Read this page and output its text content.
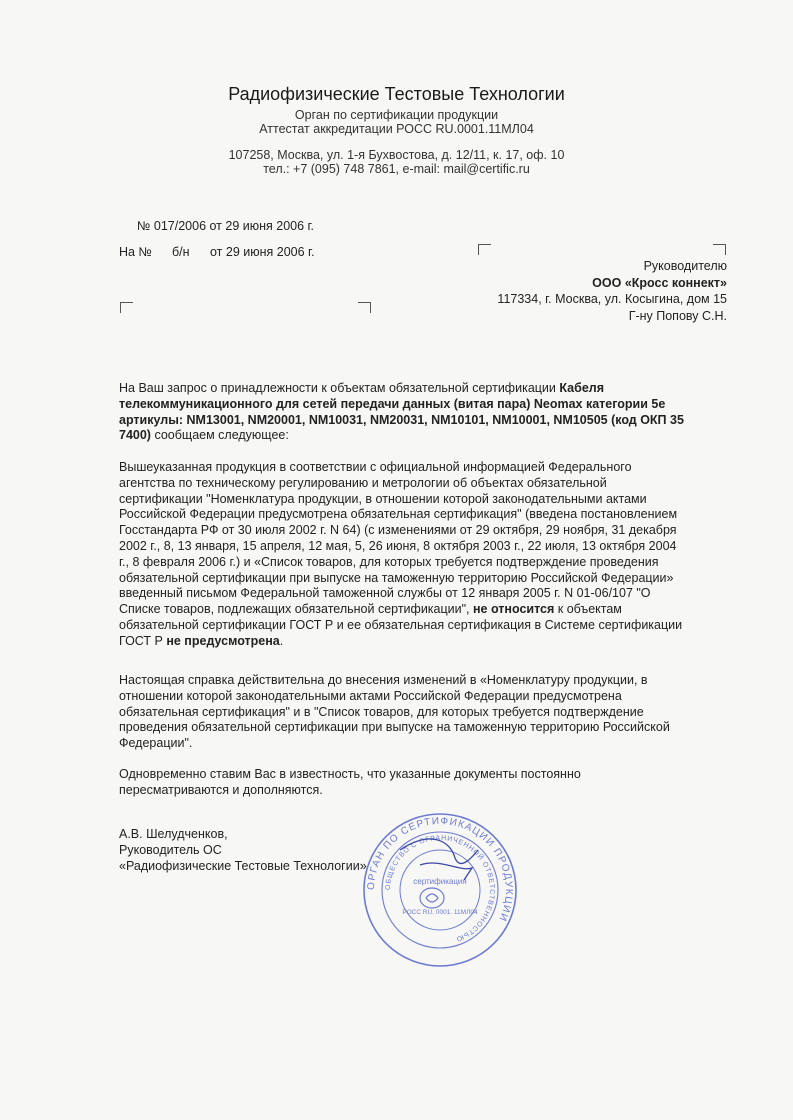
Радиофизические Тестовые Технологии
Орган по сертификации продукции
Аттестат аккредитации РОСС RU.0001.11МЛ04
107258, Москва, ул. 1-я Бухвостова, д. 12/11, к. 17, оф. 10
тел.: +7 (095) 748 7861, e-mail: mail@certific.ru
№ 017/2006 от 29 июня 2006 г.
На № б/н от 29 июня 2006 г.
Руководителю
ООО «Кросс коннект»
117334, г. Москва, ул. Косыгина, дом 15
Г-ну Попову С.Н.

На Ваш запрос о принадлежности к объектам обязательной сертификации Кабеля телекоммуникационного для сетей передачи данных (витая пара) Neomax категории 5е артикулы: NM13001, NM20001, NM10031, NM20031, NM10101, NM10001, NM10505 (код ОКП 35 7400) сообщаем следующее:

Вышеуказанная продукция в соответствии с официальной информацией Федерального агентства по техническому регулированию и метрологии об объектах обязательной сертификации "Номенклатура продукции, в отношении которой законодательными актами Российской Федерации предусмотрена обязательная сертификация" (введена постановлением Госстандарта РФ от 30 июля 2002 г. N 64) (с изменениями от 29 октября, 29 ноября, 31 декабря 2002 г., 8, 13 января, 15 апреля, 12 мая, 5, 26 июня, 8 октября 2003 г., 22 июля, 13 октября 2004 г., 8 февраля 2006 г.) и «Список товаров, для которых требуется подтверждение проведения обязательной сертификации при выпуске на таможенную территорию Российской Федерации» введенный письмом Федеральной таможенной службы от 12 января 2005 г. N 01-06/107 "О Списке товаров, подлежащих обязательной сертификации", не относится к объектам обязательной сертификации ГОСТ Р и ее обязательная сертификация в Системе сертификации ГОСТ Р не предусмотрена.

Настоящая справка действительна до внесения изменений в «Номенклатуру продукции, в отношении которой законодательными актами Российской Федерации предусмотрена обязательная сертификация" и в "Список товаров, для которых требуется подтверждение проведения обязательной сертификации при выпуске на таможенную территорию Российской Федерации".

Одновременно ставим Вас в известность, что указанные документы постоянно пересматриваются и дополняются.

А.В. Шелудченков,
Руководитель ОС
«Радиофизические Тестовые Технологии»
ОРГАН ПО СЕРТИФИКАЦИИ ПРОДУКЦИИ
ОБЩЕСТВО С ОГРАНИЧЕННОЙ ОТВЕТСТВЕННОСТЬЮ
сертификация
РОСС RU. 0001. 11МЛ04
